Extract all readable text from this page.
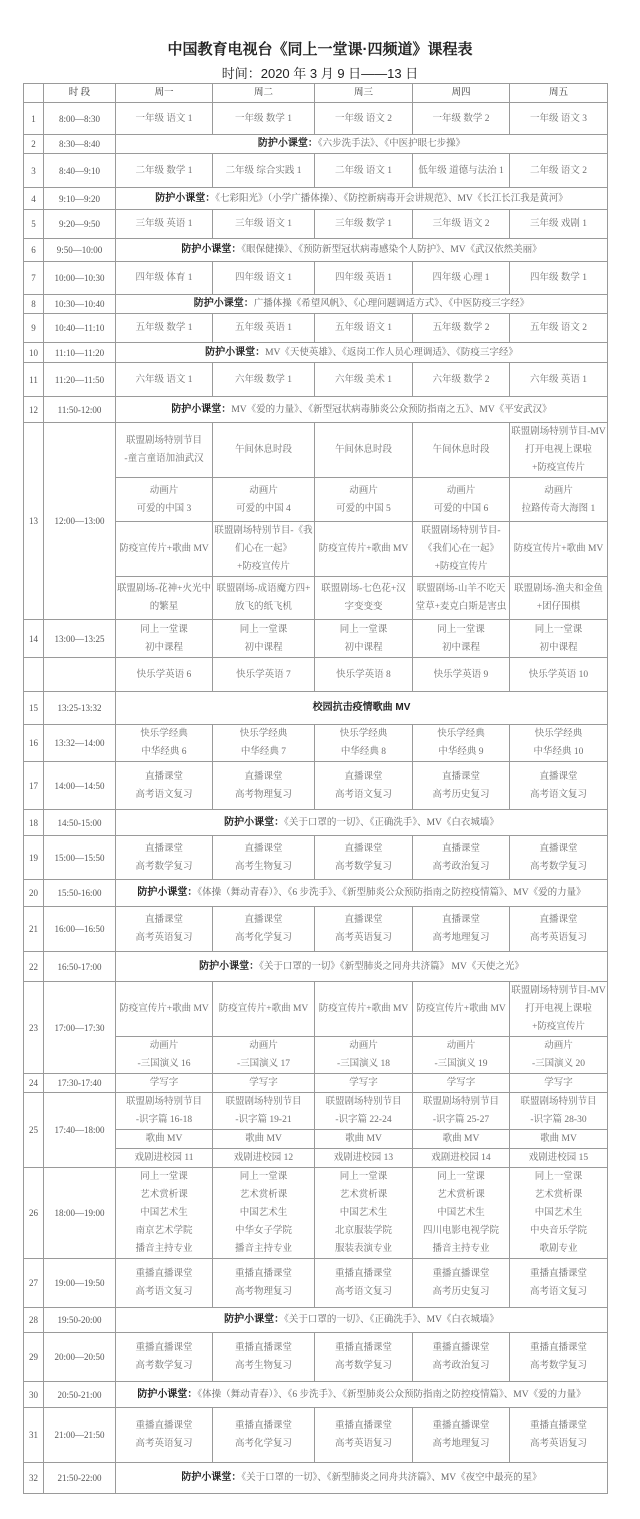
中国教育电视台《同上一堂课·四频道》课程表
时间：2020 年 3 月 9 日——13 日
	时 段	周一	周二	周三	周四	周五
1	8:00—8:30	一年级 语文 1	一年级 数学 1	一年级 语文 2	一年级 数学 2	一年级 语文 3

2	8:30—8:40	防护小课堂：《六步洗手法》、《中医护眼七步操》				
3	8:40—9:10	二年级 数学 1	二年级 综合实践 1	二年级 语文 1	低年级 道德与法治 1	二年级 语文 2

4	9:10—9:20	防护小课堂：《七彩阳光》（小学广播体操）、《防控新病毒开会讲规范》、MV《长江长江我是黄河》				
5	9:20—9:50	三年级 英语 1	三年级 语文 1	三年级 数学 1	三年级 语文 2	三年级 戏剧 1

6	9:50—10:00	防护小课堂：《眼保健操》、《预防新型冠状病毒感染个人防护》、MV《武汉依然美丽》				
7	10:00—10:30	四年级 体育 1	四年级 语文 1	四年级 英语 1	四年级 心理 1	四年级 数学 1

8	10:30—10:40	防护小课堂：广播体操《希望风帆》、《心理问题调适方式》、《中医防疫三字经》				
9	10:40—11:10	五年级 数学 1	五年级 英语 1	五年级 语文 1	五年级 数学 2	五年级 语文 2

10	11:10—11:20	防护小课堂：MV《天使英雄》、《返岗工作人员心理调适》、《防疫三字经》				
11	11:20—11:50	六年级 语文 1	六年级 数学 1	六年级 美术 1	六年级 数学 2	六年级 英语 1

12	11:50-12:00	防护小课堂：MV《爱的力量》、《新型冠状病毒肺炎公众预防指南之五》、MV《平安武汉》				
13	12:00—13:00	联盟剧场特别节目
-童言童语加油武汉	午间休息时段	午间休息时段	午间休息时段	联盟剧场特别节目-MV
打开电视上课啦
+防疫宣传片

		动画片
可爱的中国 3	动画片
可爱的中国 4	动画片
可爱的中国 5	动画片
可爱的中国 6	动画片
拉路传奇大海图 1

		防疫宣传片+歌曲 MV	联盟剧场特别节目-《我
们心在一起》
+防疫宣传片	防疫宣传片+歌曲 MV	联盟剧场特别节目-
《我们心在一起》
+防疫宣传片	防疫宣传片+歌曲 MV

		联盟剧场-花神+火光中
的繁星	联盟剧场-成语魔方四+
放飞的纸飞机	联盟剧场-七色花+汉
字变变变	联盟剧场-山羊不吃天
堂草+麦克白斯是害虫	联盟剧场-渔夫和金鱼
+团仔围棋

14	13:00—13:25	同上一堂课
初中课程	同上一堂课
初中课程	同上一堂课
初中课程	同上一堂课
初中课程	同上一堂课
初中课程

		快乐学英语 6	快乐学英语 7	快乐学英语 8	快乐学英语 9	快乐学英语 10

15	13:25-13:32	校园抗击疫情歌曲 MV				
16	13:32—14:00	快乐学经典
中华经典 6	快乐学经典
中华经典 7	快乐学经典
中华经典 8	快乐学经典
中华经典 9	快乐学经典
中华经典 10

17	14:00—14:50	直播课堂
高考语文复习	直播课堂
高考物理复习	直播课堂
高考语文复习	直播课堂
高考历史复习	直播课堂
高考语文复习

18	14:50-15:00	防护小课堂：《关于口罩的一切》、《正确洗手》、MV《白衣城墙》				
19	15:00—15:50	直播课堂
高考数学复习	直播课堂
高考生物复习	直播课堂
高考数学复习	直播课堂
高考政治复习	直播课堂
高考数学复习

20	15:50-16:00	防护小课堂：《体操（舞动青春）》、《6 步洗手》、《新型肺炎公众预防指南之防控疫情篇》、MV《爱的力量》				
21	16:00—16:50	直播课堂
高考英语复习	直播课堂
高考化学复习	直播课堂
高考英语复习	直播课堂
高考地理复习	直播课堂
高考英语复习

22	16:50-17:00	防护小课堂：《关于口罩的一切》《新型肺炎之同舟共济篇》 MV《天使之光》				
23	17:00—17:30	防疫宣传片+歌曲 MV	防疫宣传片+歌曲 MV	防疫宣传片+歌曲 MV	防疫宣传片+歌曲 MV	联盟剧场特别节目-MV
打开电视上课啦
+防疫宣传片

		动画片
-三国演义 16	动画片
-三国演义 17	动画片
-三国演义 18	动画片
-三国演义 19	动画片
-三国演义 20

24	17:30-17:40	学写字	学写字	学写字	学写字	学写字

25	17:40—18:00	联盟剧场特别节目
-识字篇 16-18	联盟剧场特别节目
-识字篇 19-21	联盟剧场特别节目
-识字篇 22-24	联盟剧场特别节目
-识字篇 25-27	联盟剧场特别节目
-识字篇 28-30

		歌曲 MV	歌曲 MV	歌曲 MV	歌曲 MV	歌曲 MV

		戏剧进校园 11	戏剧进校园 12	戏剧进校园 13	戏剧进校园 14	戏剧进校园 15

26	18:00—19:00	同上一堂课
艺术赏析课
中国艺术生
南京艺术学院
播音主持专业	同上一堂课
艺术赏析课
中国艺术生
中华女子学院
播音主持专业	同上一堂课
艺术赏析课
中国艺术生
北京服装学院
服装表演专业	同上一堂课
艺术赏析课
中国艺术生
四川电影电视学院
播音主持专业	同上一堂课
艺术赏析课
中国艺术生
中央音乐学院
歌剧专业

27	19:00—19:50	重播直播课堂
高考语文复习	重播直播课堂
高考物理复习	重播直播课堂
高考语文复习	重播直播课堂
高考历史复习	重播直播课堂
高考语文复习

28	19:50-20:00	防护小课堂：《关于口罩的一切》、《正确洗手》、MV《白衣城墙》				
29	20:00—20:50	重播直播课堂
高考数学复习	重播直播课堂
高考生物复习	重播直播课堂
高考数学复习	重播直播课堂
高考政治复习	重播直播课堂
高考数学复习

30	20:50-21:00	防护小课堂：《体操（舞动青春）》、《6 步洗手》、《新型肺炎公众预防指南之防控疫情篇》、MV《爱的力量》				
31	21:00—21:50	重播直播课堂
高考英语复习	重播直播课堂
高考化学复习	重播直播课堂
高考英语复习	重播直播课堂
高考地理复习	重播直播课堂
高考英语复习

32	21:50-22:00	防护小课堂：《关于口罩的一切》、《新型肺炎之同舟共济篇》、MV《夜空中最亮的星》				
